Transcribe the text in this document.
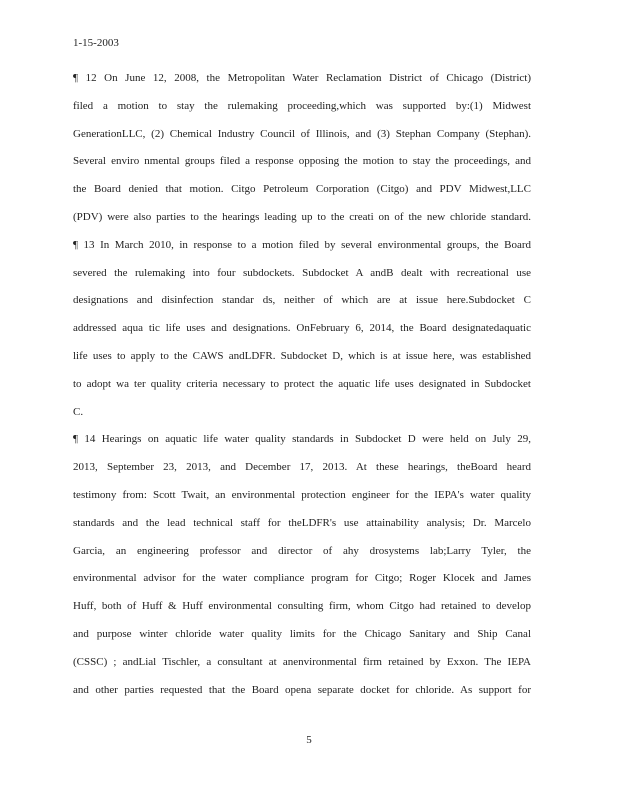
1-15-2003
¶ 12 On June 12, 2008, the Metropolitan Water Reclamation District of Chicago (District)
filed a motion to stay the rulemaking proceeding,which was supported by:(1) Midwest
GenerationLLC, (2) Chemical Industry Council of Illinois, and (3) Stephan Company (Stephan).
Several enviro nmental groups filed a response opposing the motion to stay the proceedings, and
the Board denied that motion. Citgo Petroleum Corporation (Citgo) and PDV Midwest,LLC
(PDV) were also parties to the hearings leading up to the creati on of the new chloride standard.
¶ 13 In March 2010, in response to a motion filed by several environmental groups, the Board
severed the rulemaking into four subdockets. Subdocket A andB dealt with recreational use
designations and disinfection standar ds, neither of which are at issue here.Subdocket C
addressed aqua tic life uses and designations. OnFebruary 6, 2014, the Board designatedaquatic
life uses to apply to the CAWS andLDFR. Subdocket D, which is at issue here, was established
to adopt wa ter quality criteria necessary to protect the aquatic life uses designated in Subdocket
C.
¶ 14 Hearings on aquatic life water quality standards in Subdocket D were held on July 29,
2013, September 23, 2013, and December 17, 2013. At these hearings, theBoard heard
testimony from: Scott Twait, an environmental protection engineer for the IEPA's water quality
standards and the lead technical staff for theLDFR's use attainability analysis; Dr. Marcelo
Garcia, an engineering professor and director of ahy drosystems lab;Larry Tyler, the
environmental advisor for the water compliance program for Citgo; Roger Klocek and James
Huff, both of Huff & Huff environmental consulting firm, whom Citgo had retained to develop
and purpose winter chloride water quality limits for the Chicago Sanitary and Ship Canal
(CSSC) ; andLial Tischler, a consultant at anenvironmental firm retained by Exxon. The IEPA
and other parties requested that the Board opena separate docket for chloride. As support for
5
